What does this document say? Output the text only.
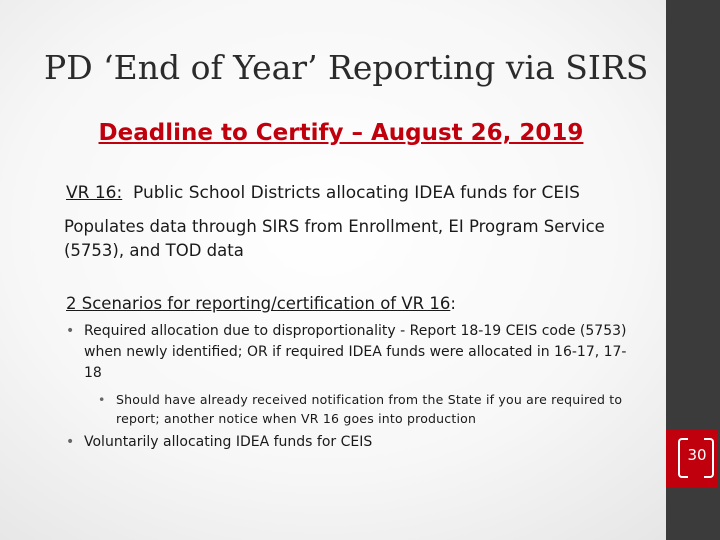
PD ‘End of Year’ Reporting via SIRS
Deadline to Certify – August 26, 2019
VR 16:  Public School Districts allocating IDEA funds for CEIS
Populates data through SIRS from Enrollment, EI Program Service (5753), and TOD data
2 Scenarios for reporting/certification of VR 16:
• Required allocation due to disproportionality - Report 18-19 CEIS code (5753) when newly identified; OR if required IDEA funds were allocated in 16-17, 17-18
• Should have already received notification from the State if you are required to report; another notice when VR 16 goes into production
• Voluntarily allocating IDEA funds for CEIS
30
